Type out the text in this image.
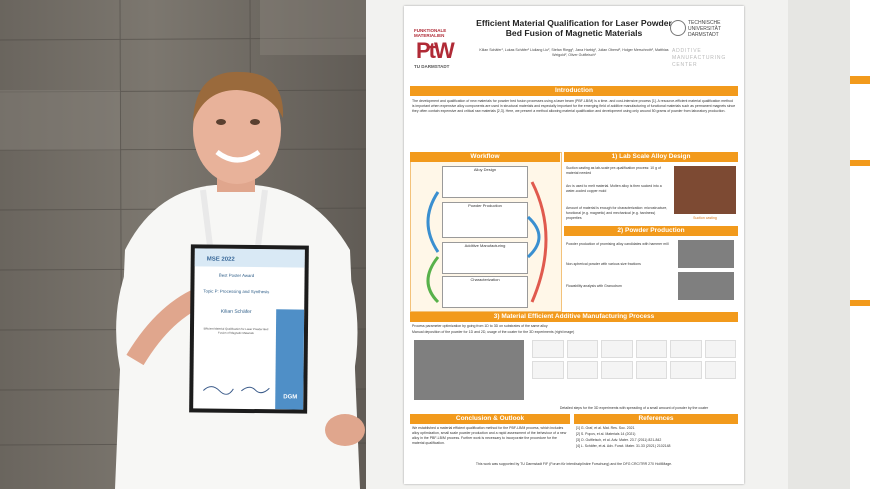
FUNKTIONALE MATERIALIEN
PtW
TU DARMSTADT
Efficient Material Qualification for Laser Powder Bed Fusion of Magnetic Materials
Kilian Schäfer¹, Lukas Schäfer¹ Liuliang Liu², Stefan Riegg¹, Jana Harbig¹, Julian Oberst², Holger Merschroth², Matthias Weigold², Oliver Gutfleisch¹
TECHNISCHE UNIVERSITÄT DARMSTADT
ADDITIVE MANUFACTURING CENTER
Introduction
The development and qualification of new materials for powder bed fusion processes using a laser beam (PBF-LB/M) is a time- and cost-intensive process [1]. A resource-efficient material qualification method is important when expensive alloy components are used in structural materials and especially important for the emerging field of additive manufacturing of functional materials such as permanent magnets since they often contain expensive and critical raw materials [2,3]. Here, we present a method allowing material qualification and development using only around 50 grams of powder from laboratory production.
Workflow
Alloy Design
Powder Production
Additive Manufacturing
Characterization
1) Lab Scale Alloy Design
Suction casting as lab-scale pre-qualification process: 10 g of material needed
Arc is used to melt material. Molten alloy is then sucked into a water-cooled copper mold
Amount of material is enough for characterization: microstructure, functional (e.g. magnetic) and mechanical (e.g. hardness) properties	Suction casting
2) Powder Production
Powder production of promising alloy candidates with hammer mill
Non-spherical powder with various size fractions
Flowability analysis with Granudrum
3) Material Efficient Additive Manufacturing Process
Process parameter optimization by going from 1D to 3D on substrates of the same alloy
Manual deposition of the powder for 1D and 2D, usage of the coater for the 3D experiments (right image)
Detailed steps for the 3D experiments with spreading of a small amount of powder by the coater
Conclusion & Outlook
We established a material efficient qualification method for the PBF-LB/M process, which includes alloy optimization, small scale powder production and a rapid assessment of the behaviour of a new alloy in the PBF-LB/M process. Further work is necessary to incorporate the procedure for the material qualification.
References
[1] G. Graf, et al. Mat. Res. Soc. 2021
[2] S. Popov, et al. Materials 14 (2021)
[3] O. Gutfleisch, et al. Adv. Mater. 23.7 (2011) 821-842
[4] L. Schäfer, et al. Adv. Funct. Mater. 31.33 (2021) 2102148
This work was supported by TU Darmstadt FIF (Forum für interdisziplinäre Forschung) and the DFG CRC/TRR 270 HoMMage.
MSE 2022
Best Poster Award
Topic P: Processing and Synthesis
Kilian Schäfer
Efficient Material Qualification for Laser Powder Bed Fusion of Magnetic Materials
DGM
